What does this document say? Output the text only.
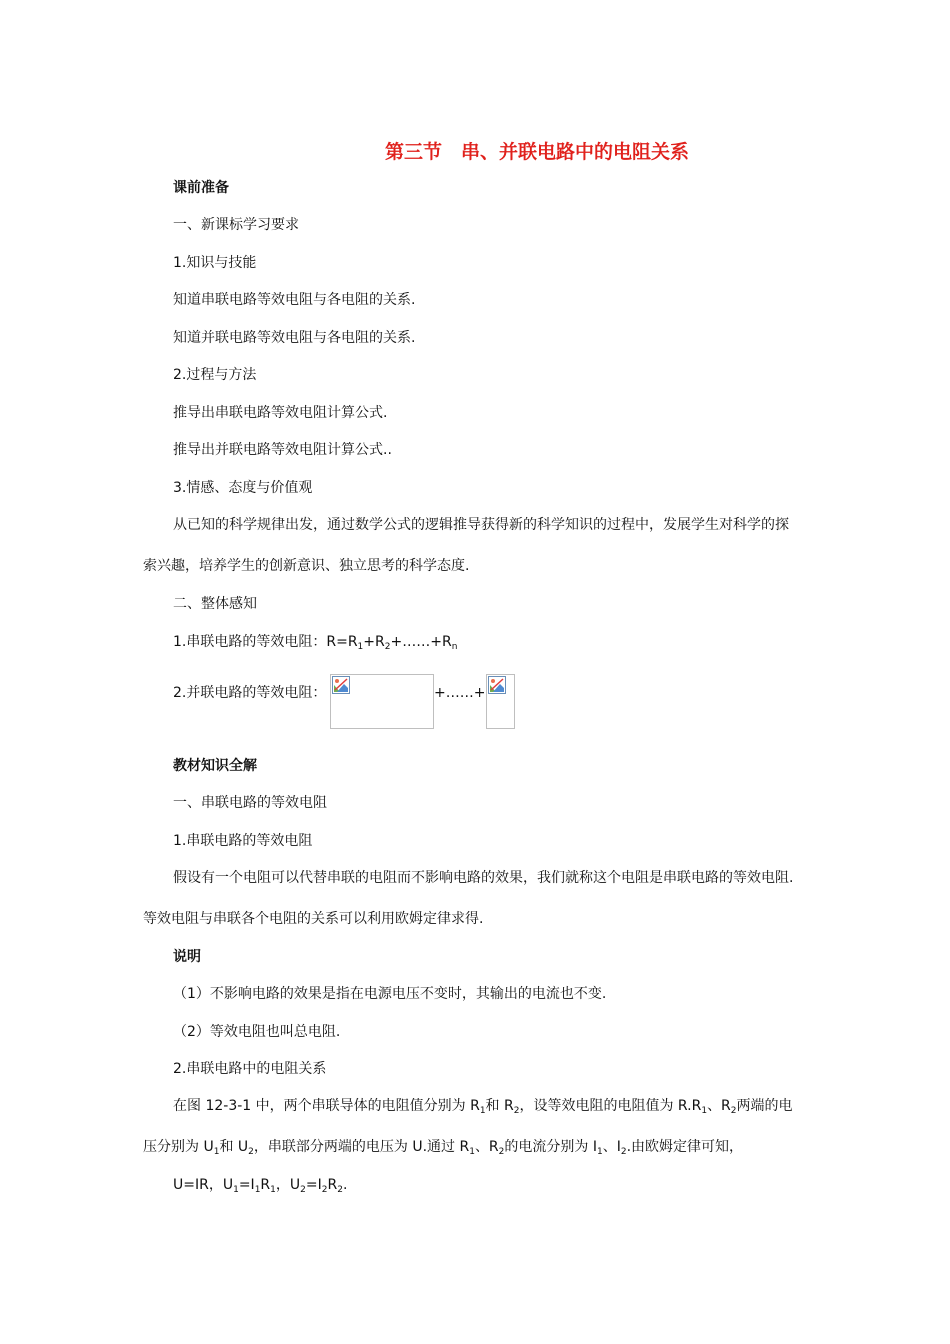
第三节　串、并联电路中的电阻关系

课前准备

一、新课标学习要求

1.知识与技能

知道串联电路等效电阻与各电阻的关系.

知道并联电路等效电阻与各电阻的关系.

2.过程与方法

推导出串联电路等效电阻计算公式.

推导出并联电路等效电阻计算公式..

3.情感、态度与价值观

从已知的科学规律出发，通过数学公式的逻辑推导获得新的科学知识的过程中，发展学生对科学的探

索兴趣，培养学生的创新意识、独立思考的科学态度.

二、整体感知

1.串联电路的等效电阻：$R=R_1+R_2+\dots\dots+R_n$

2.并联电路的等效电阻：	+……+

教材知识全解

一、串联电路的等效电阻

1.串联电路的等效电阻

假设有一个电阻可以代替串联的电阻而不影响电路的效果，我们就称这个电阻是串联电路的等效电阻.

等效电阻与串联各个电阻的关系可以利用欧姆定律求得.

说明

（1）不影响电路的效果是指在电源电压不变时，其输出的电流也不变.

（2）等效电阻也叫总电阻.

2.串联电路中的电阻关系

在图 12-3-1 中，两个串联导体的电阻值分别为 $R_1$和 $R_2$，设等效电阻的电阻值为 $R.R_1$、$R_2$两端的电

压分别为 $U_1$和 $U_2$，串联部分两端的电压为 U.通过 $R_1$、$R_2$的电流分别为 $I_1$、$I_2$.由欧姆定律可知，

U=IR，$U_1=I_1R_1$，$U_2=I_2R_2$.
